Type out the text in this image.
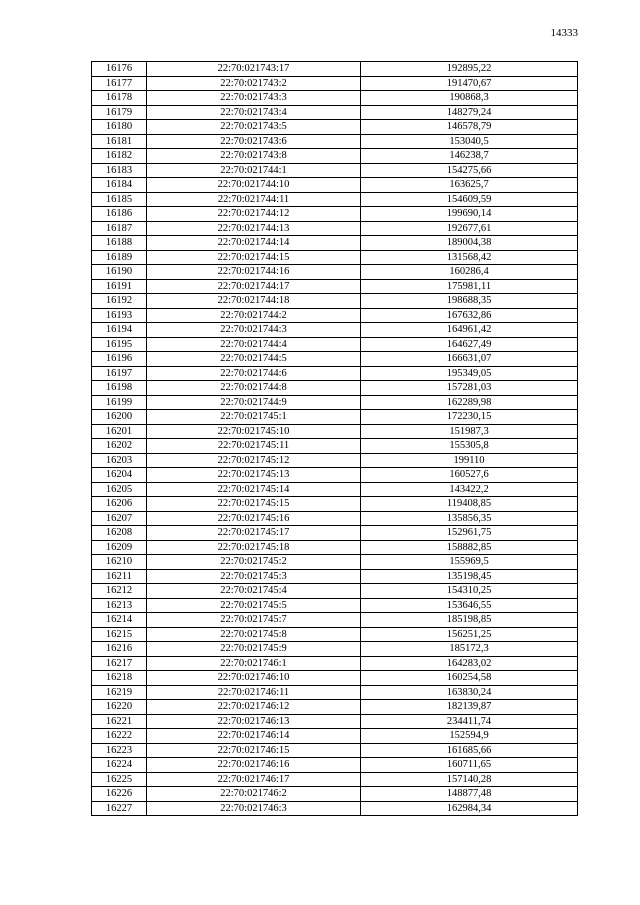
14333
16176	22:70:021743:17	192895,22
16177	22:70:021743:2	191470,67
16178	22:70:021743:3	190868,3
16179	22:70:021743:4	148279,24
16180	22:70:021743:5	146578,79
16181	22:70:021743:6	153040,5
16182	22:70:021743:8	146238,7
16183	22:70:021744:1	154275,66
16184	22:70:021744:10	163625,7
16185	22:70:021744:11	154609,59
16186	22:70:021744:12	199690,14
16187	22:70:021744:13	192677,61
16188	22:70:021744:14	189004,38
16189	22:70:021744:15	131568,42
16190	22:70:021744:16	160286,4
16191	22:70:021744:17	175981,11
16192	22:70:021744:18	198688,35
16193	22:70:021744:2	167632,86
16194	22:70:021744:3	164961,42
16195	22:70:021744:4	164627,49
16196	22:70:021744:5	166631,07
16197	22:70:021744:6	195349,05
16198	22:70:021744:8	157281,03
16199	22:70:021744:9	162289,98
16200	22:70:021745:1	172230,15
16201	22:70:021745:10	151987,3
16202	22:70:021745:11	155305,8
16203	22:70:021745:12	199110
16204	22:70:021745:13	160527,6
16205	22:70:021745:14	143422,2
16206	22:70:021745:15	119408,85
16207	22:70:021745:16	135856,35
16208	22:70:021745:17	152961,75
16209	22:70:021745:18	158882,85
16210	22:70:021745:2	155969,5
16211	22:70:021745:3	135198,45
16212	22:70:021745:4	154310,25
16213	22:70:021745:5	153646,55
16214	22:70:021745:7	185198,85
16215	22:70:021745:8	156251,25
16216	22:70:021745:9	185172,3
16217	22:70:021746:1	164283,02
16218	22:70:021746:10	160254,58
16219	22:70:021746:11	163830,24
16220	22:70:021746:12	182139,87
16221	22:70:021746:13	234411,74
16222	22:70:021746:14	152594,9
16223	22:70:021746:15	161685,66
16224	22:70:021746:16	160711,65
16225	22:70:021746:17	157140,28
16226	22:70:021746:2	148877,48
16227	22:70:021746:3	162984,34
